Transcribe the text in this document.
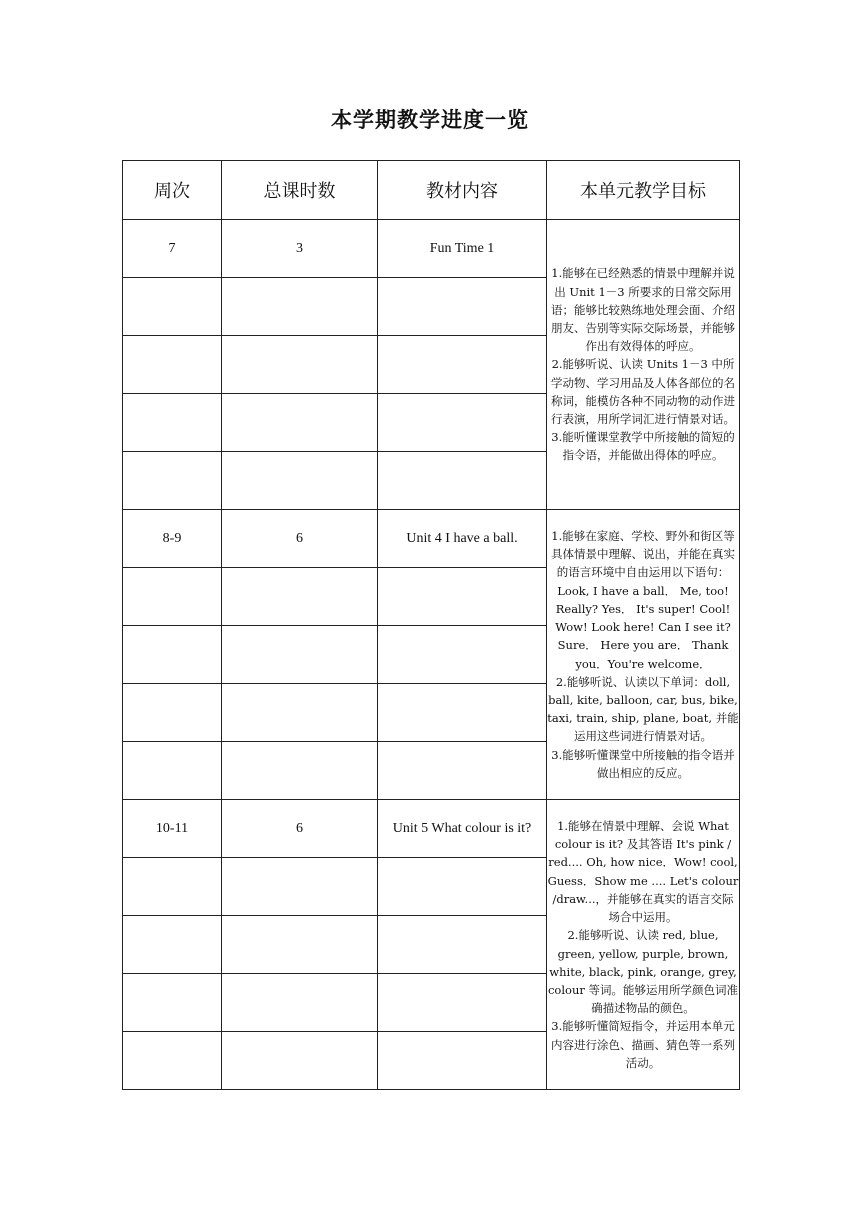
本学期教学进度一览
周次	总课时数	教材内容	本单元教学目标
7	3	Fun Time 1	1.能够在已经熟悉的情景中理解并说出 Unit 1－3 所要求的日常交际用语；能够比较熟练地处理会面、介绍朋友、告别等实际交际场景，并能够作出有效得体的呼应。
2.能够听说、认读 Units 1－3 中所学动物、学习用品及人体各部位的名称词，能模仿各种不同动物的动作进行表演，用所学词汇进行情景对话。
3.能听懂课堂教学中所接触的简短的指令语，并能做出得体的呼应。

8-9	6	Unit 4 I have a ball.	1.能够在家庭、学校、野外和街区等具体情景中理解、说出，并能在真实的语言环境中自由运用以下语句：
Look, I have a ball． Me, too! Really? Yes． It's super! Cool! Wow! Look here! Can I see it? Sure． Here you are． Thank you．You're welcome．
2.能够听说、认读以下单词：doll, ball, kite, balloon, car, bus, bike, taxi, train, ship, plane, boat, 并能运用这些词进行情景对话。
3.能够听懂课堂中所接触的指令语并做出相应的反应。

10-11	6	Unit 5 What colour is it?	1.能够在情景中理解、会说 What colour is it? 及其答语 It's pink / red.... Oh, how nice．Wow! cool, Guess．Show me .... Let's colour /draw...，并能够在真实的语言交际场合中运用。
2.能够听说、认读 red, blue, green, yellow, purple, brown, white, black, pink, orange, grey, colour 等词。能够运用所学颜色词准确描述物品的颜色。
3.能够听懂简短指令，并运用本单元内容进行涂色、描画、猜色等一系列活动。
